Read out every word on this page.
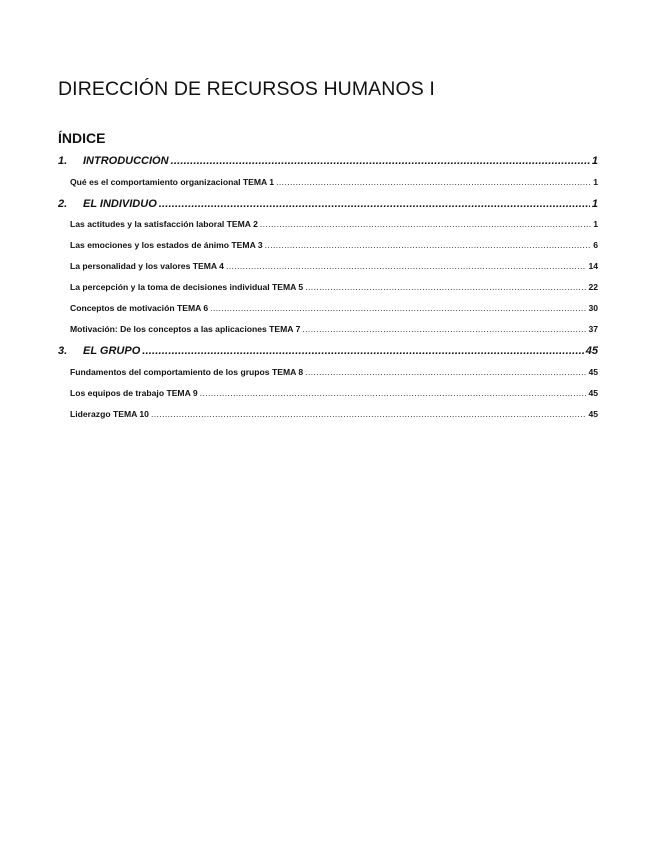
DIRECCIÓN DE RECURSOS HUMANOS I
ÍNDICE
1.	INTRODUCCIÓN .....	1
Qué es el comportamiento organizacional TEMA 1 .....	1
2.	EL INDIVIDUO .....	1
Las actitudes y la satisfacción laboral TEMA 2 .....	1
Las emociones y los estados de ánimo TEMA 3 .....	6
La personalidad y los valores TEMA 4 .....	14
La percepción y la toma de decisiones individual TEMA 5 .....	22
Conceptos de motivación TEMA 6 .....	30
Motivación: De los conceptos a las aplicaciones TEMA 7 .....	37
3.	EL GRUPO .....	45
Fundamentos del comportamiento de los grupos TEMA 8 .....	45
Los equipos de trabajo TEMA 9 .....	45
Liderazgo TEMA 10 .....	45
